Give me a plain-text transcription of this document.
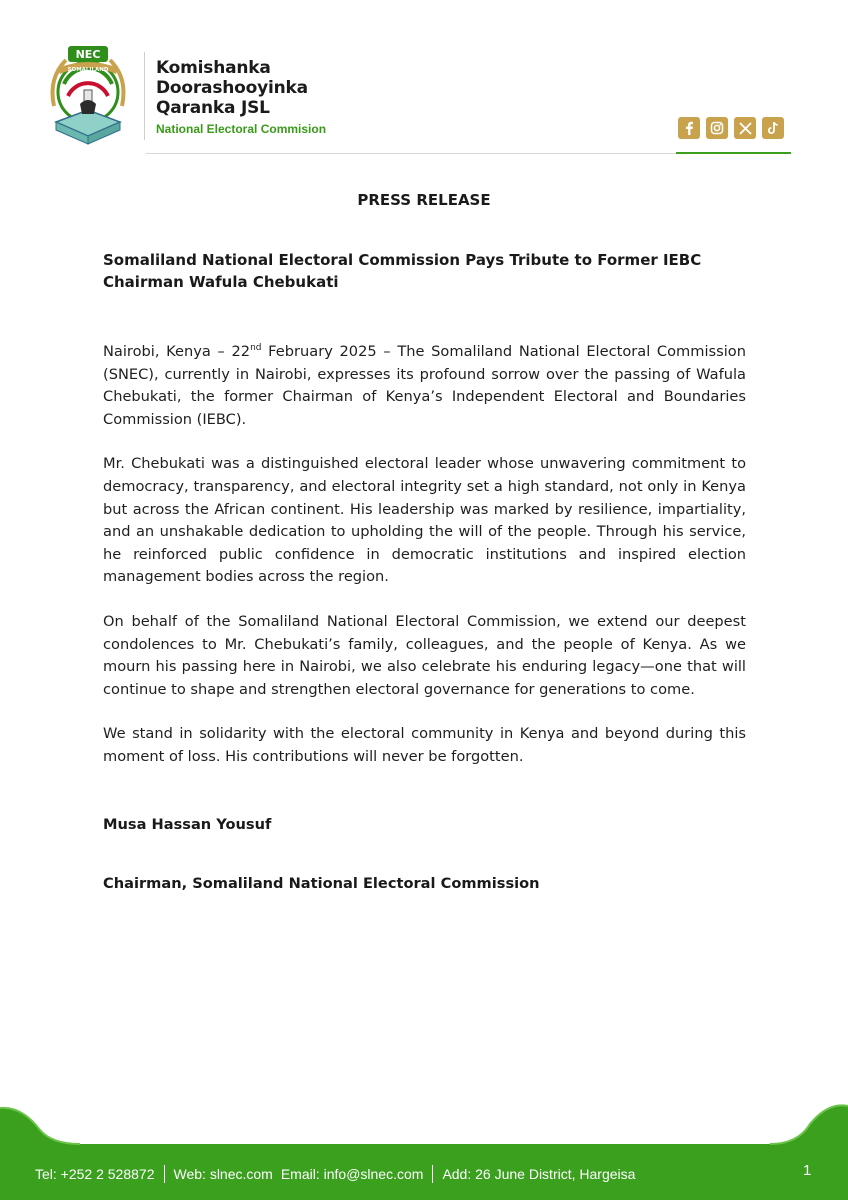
NEC
SOMALILAND	Komishanka
Doorashooyinka
Qaranka JSL
National Electoral Commision
PRESS RELEASE
Somaliland National Electoral Commission Pays Tribute to Former IEBC Chairman Wafula Chebukati

Nairobi, Kenya – 22nd February 2025 – The Somaliland National Electoral Commission (SNEC), currently in Nairobi, expresses its profound sorrow over the passing of Wafula Chebukati, the former Chairman of Kenya’s Independent Electoral and Boundaries Commission (IEBC).

Mr. Chebukati was a distinguished electoral leader whose unwavering commitment to democracy, transparency, and electoral integrity set a high standard, not only in Kenya but across the African continent. His leadership was marked by resilience, impartiality, and an unshakable dedication to upholding the will of the people. Through his service, he reinforced public confidence in democratic institutions and inspired election management bodies across the region.

On behalf of the Somaliland National Electoral Commission, we extend our deepest condolences to Mr. Chebukati’s family, colleagues, and the people of Kenya. As we mourn his passing here in Nairobi, we also celebrate his enduring legacy—one that will continue to shape and strengthen electoral governance for generations to come.

We stand in solidarity with the electoral community in Kenya and beyond during this moment of loss. His contributions will never be forgotten.

Musa Hassan Yousuf
Chairman, Somaliland National Electoral Commission
Tel: +252 2 528872 Web: slnec.com Email: info@slnec.com Add: 26 June District, Hargeisa	1
